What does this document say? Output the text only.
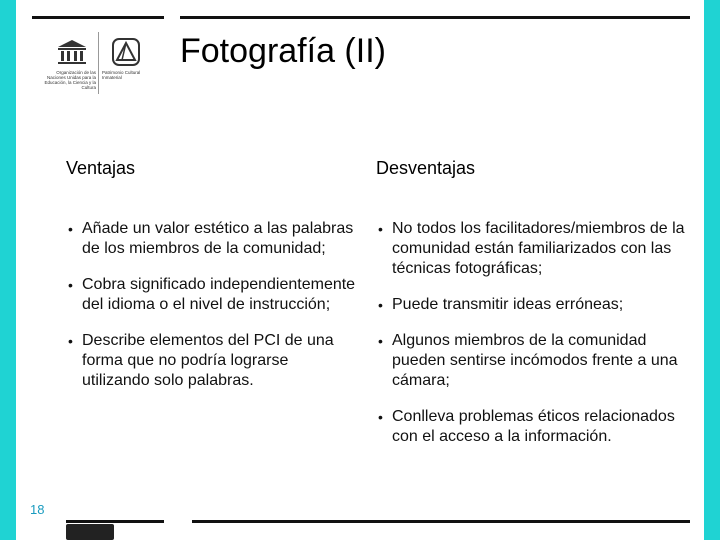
Organización de las Naciones Unidas para la Educación, la Ciencia y la Cultura
Patrimonio Cultural Inmaterial
Fotografía (II)
Ventajas
• Añade un valor estético a las palabras de los miembros de la comunidad;
• Cobra significado independientemente del idioma o el nivel de instrucción;
• Describe elementos del PCI de una forma que no podría lograrse utilizando solo palabras.
Desventajas
• No todos los facilitadores/miembros de la comunidad están familiarizados con las técnicas fotográficas;
• Puede transmitir ideas erróneas;
• Algunos miembros de la comunidad pueden sentirse incómodos frente a una cámara;
• Conlleva problemas éticos relacionados con el acceso a la información.
18
